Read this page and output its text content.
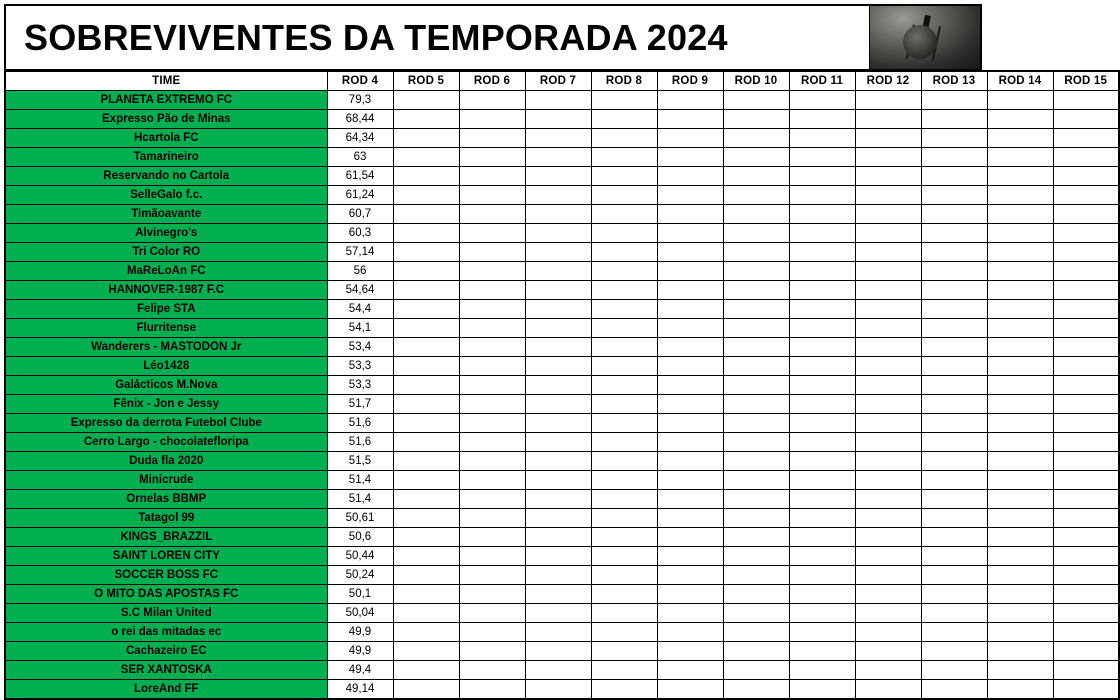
SOBREVIVENTES DA TEMPORADA 2024
TIME	ROD 4	ROD 5	ROD 6	ROD 7	ROD 8	ROD 9	ROD 10	ROD 11	ROD 12	ROD 13	ROD 14	ROD 15
PLANETA EXTREMO FC	79,3											
Expresso Pão de Minas	68,44											
Hcartola FC	64,34											
Tamarineiro	63											
Reservando no Cartola	61,54											
SelleGalo f.c.	61,24											
Timãoavante	60,7											
Alvinegro's	60,3											
Tri Color RO	57,14											
MaReLoAn FC	56											
HANNOVER-1987 F.C	54,64											
Felipe STA	54,4											
Flurritense	54,1											
Wanderers - MASTODON Jr	53,4											
Léo1428	53,3											
Galácticos M.Nova	53,3											
Fênix - Jon e Jessy	51,7											
Expresso da derrota Futebol Clube	51,6											
Cerro Largo - chocolatefloripa	51,6											
Duda fla 2020	51,5											
Minicrude	51,4											
Ornelas BBMP	51,4											
Tatagol 99	50,61											
KINGS_BRAZZIL	50,6											
SAINT LOREN CITY	50,44											
SOCCER BOSS FC	50,24											
O MITO DAS APOSTAS FC	50,1											
S.C Milan United	50,04											
o rei das mitadas ec	49,9											
Cachazeiro EC	49,9											
SER XANTOSKA	49,4											
LoreAnd FF	49,14											
